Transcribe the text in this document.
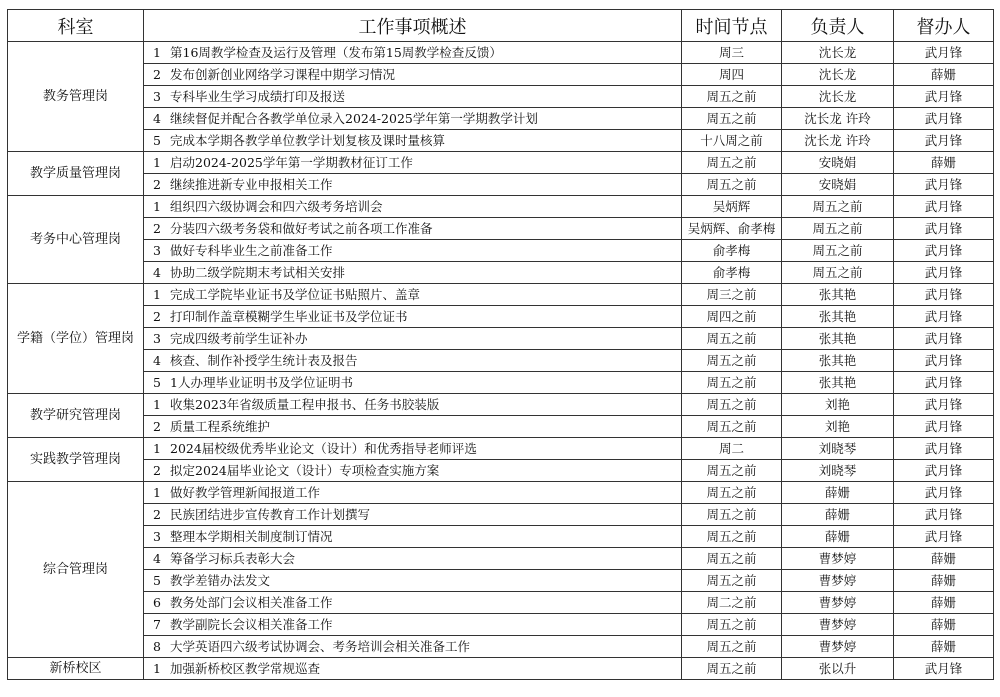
科室	工作事项概述	时间节点	负责人	督办人
教务管理岗	1 第16周教学检查及运行及管理（发布第15周教学检查反馈）	周三	沈长龙	武月锋
	2 发布创新创业网络学习课程中期学习情况	周四	沈长龙	薛姗
	3 专科毕业生学习成绩打印及报送	周五之前	沈长龙	武月锋
	4 继续督促并配合各教学单位录入2024-2025学年第一学期教学计划	周五之前	沈长龙 许玲	武月锋
	5 完成本学期各教学单位教学计划复核及课时量核算	十八周之前	沈长龙 许玲	武月锋
教学质量管理岗	1 启动2024-2025学年第一学期教材征订工作	周五之前	安晓娟	薛姗
	2 继续推进新专业申报相关工作	周五之前	安晓娟	武月锋
考务中心管理岗	1 组织四六级协调会和四六级考务培训会	吴炳辉	周五之前	武月锋
	2 分装四六级考务袋和做好考试之前各项工作准备	吴炳辉、俞孝梅	周五之前	武月锋
	3 做好专科毕业生之前准备工作	俞孝梅	周五之前	武月锋
	4 协助二级学院期末考试相关安排	俞孝梅	周五之前	武月锋
学籍（学位）管理岗	1 完成工学院毕业证书及学位证书贴照片、盖章	周三之前	张其艳	武月锋
	2 打印制作盖章模糊学生毕业证书及学位证书	周四之前	张其艳	武月锋
	3 完成四级考前学生证补办	周五之前	张其艳	武月锋
	4 核查、制作补授学生统计表及报告	周五之前	张其艳	武月锋
	5 1人办理毕业证明书及学位证明书	周五之前	张其艳	武月锋
教学研究管理岗	1 收集2023年省级质量工程申报书、任务书胶装版	周五之前	刘艳	武月锋
	2 质量工程系统维护	周五之前	刘艳	武月锋
实践教学管理岗	1 2024届校级优秀毕业论文（设计）和优秀指导老师评选	周二	刘晓琴	武月锋
	2 拟定2024届毕业论文（设计）专项检查实施方案	周五之前	刘晓琴	武月锋
综合管理岗	1 做好教学管理新闻报道工作	周五之前	薛姗	武月锋
	2 民族团结进步宣传教育工作计划撰写	周五之前	薛姗	武月锋
	3 整理本学期相关制度制订情况	周五之前	薛姗	武月锋
	4 筹备学习标兵表彰大会	周五之前	曹梦婷	薛姗
	5 教学差错办法发文	周五之前	曹梦婷	薛姗
	6 教务处部门会议相关准备工作	周二之前	曹梦婷	薛姗
	7 教学副院长会议相关准备工作	周五之前	曹梦婷	薛姗
	8 大学英语四六级考试协调会、考务培训会相关准备工作	周五之前	曹梦婷	薛姗
新桥校区	1 加强新桥校区教学常规巡查	周五之前	张以升	武月锋
